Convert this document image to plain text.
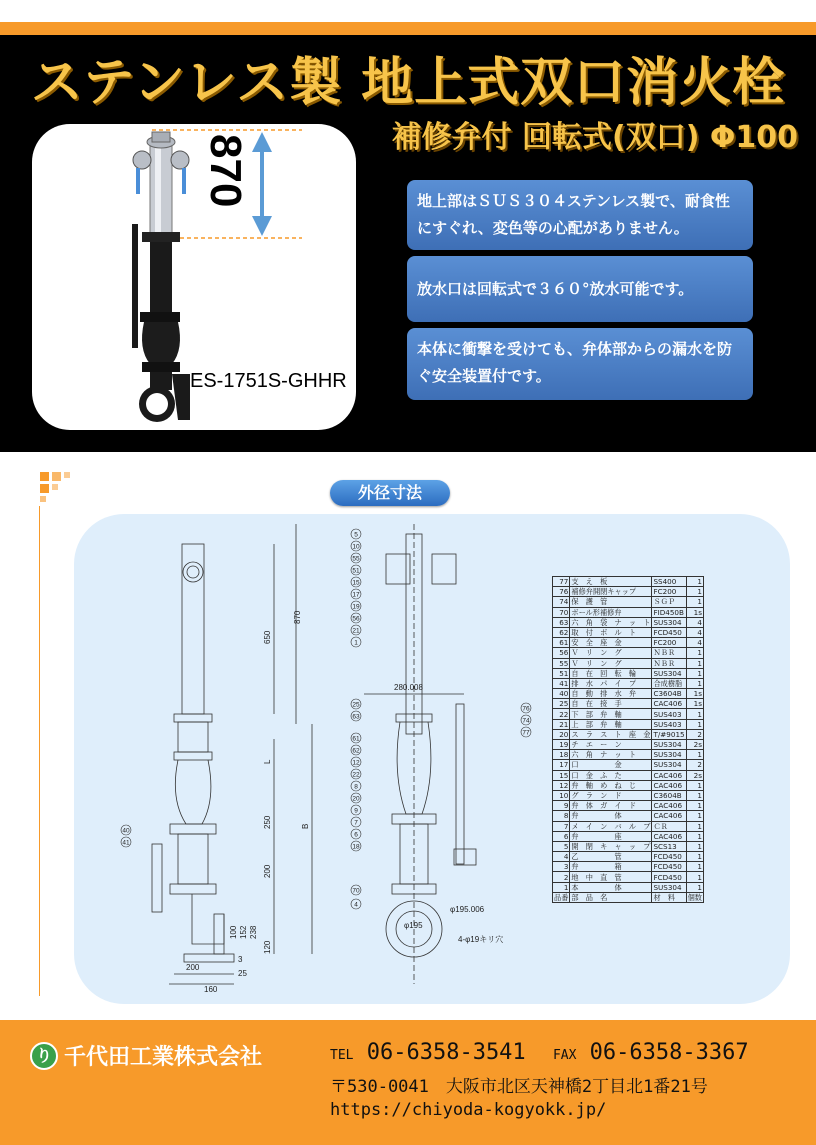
ステンレス製 地上式双口消火栓
補修弁付 回転式(双口) Φ100
870
ES-1751S-GHHR
地上部はＳＵＳ３０４ステンレス製で、耐食性にすぐれ、変色等の心配がありません。
放水口は回転式で３６０°放水可能です。
本体に衝撃を受けても、弁体部からの漏水を防ぐ安全装置付です。
外径寸法
870
650
L
250	B
200
100 152 238
120
200
3
25
160
280.008
φ195.006
4-φ19キリ穴
φ195
5
10
55
51
15
17
19
56
21
1
25
63
61
62
12
22
8
20
9
7
6
18
70
4
76
74
77
40
41
77	支　え　板	SS400	1
76	補修弁開閉キャップ	FC200	1
74	保　護　管	ＳＧＰ	1
70	ボール形補修弁	FID450B	1s
63	六　角　袋　ナ　ッ　ト	SUS304	4
62	取　付　ボ　ル　ト	FCD450	4
61	安　全　座　金	FC200	4
56	Ｖ　リ　ン　グ	ＮＢＲ	1
55	Ｖ　リ　ン　グ	ＮＢＲ	1
51	自　在　回　転　輪	SUS304	1
41	排　水　パ　イ　プ	合成樹脂	1
40	自　動　排　水　弁	C3604B	1s
25	自　在　接　手	CAC406	1s
22	下　部　弁　軸	SUS403	1
21	上　部　弁　軸	SUS403	1
20	ス　ラ　ス　ト　座　金	T/#9015	2
19	チ　エ　ー　ン	SUS304	2s
18	六　角　ナ　ッ　ト	SUS304	1
17	口　　　　　金	SUS304	2
15	口　金　ふ　た	CAC406	2s
12	弁　軸　め　ね　じ	CAC406	1
10	グ　ラ　ン　ド	C3604B	1
9	弁　体　ガ　イ　ド	CAC406	1
8	弁　　　　　体	CAC406	1
7	メ　イ　ン　バ　ル　ブ	ＣＲ	1
6	弁　　　　　座	CAC406	1
5	開　閉　キ　ャ　ッ　プ	SCS13	1
4	乙　　　　　管	FCD450	1
3	弁　　　　　箱	FCD450	1
2	地　中　直　管	FCD450	1
1	本　　　　　体	SUS304	1
品番	部　品　名	材　料	個数
り 千代田工業株式会社	TEL 06-6358-3541 FAX 06-6358-3367
〒530-0041　大阪市北区天神橋2丁目北1番21号
https://chiyoda-kogyokk.jp/
